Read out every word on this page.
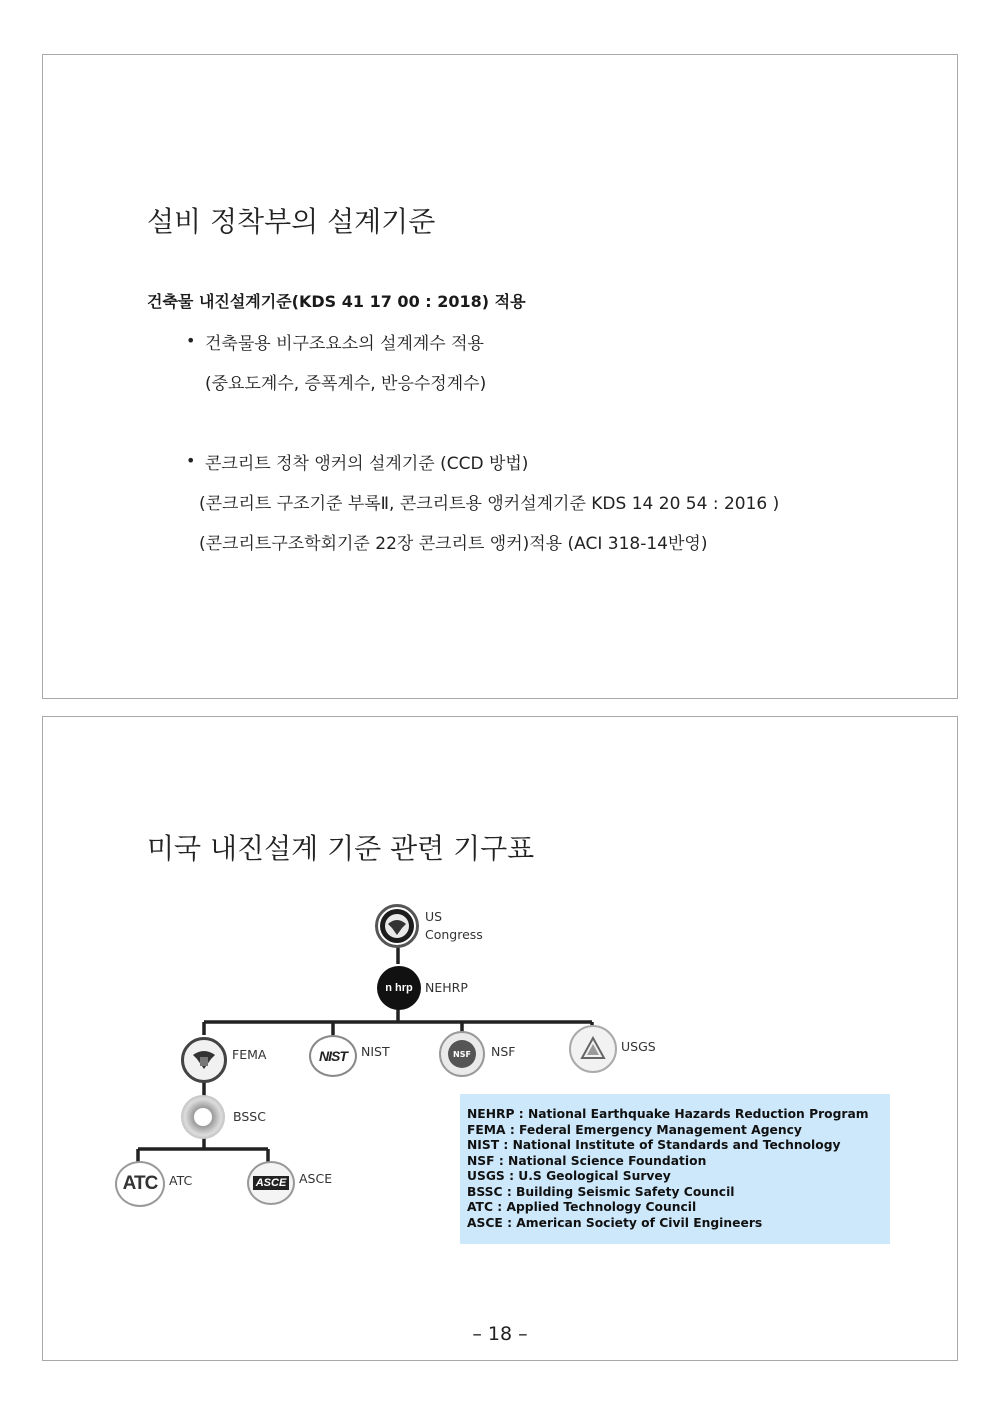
설비 정착부의 설계기준
건축물 내진설계기준(KDS 41 17 00 : 2018) 적용
• 건축물용 비구조요소의 설계계수 적용
(중요도계수, 증폭계수, 반응수정계수)
• 콘크리트 정착 앵커의 설계기준 (CCD 방법)
(콘크리트 구조기준 부록Ⅱ, 콘크리트용 앵커설계기준 KDS 14 20 54 : 2016 )
(콘크리트구조학회기준 22장 콘크리트 앵커)적용 (ACI 318-14반영)
미국 내진설계 기준 관련 기구표
US
Congress
n hrp NEHRP
FEMA	NIST NIST	NSF NSF	USGS
BSSC
ATC ATC	ASCE ASCE
NEHRP : National Earthquake Hazards Reduction Program
FEMA : Federal Emergency Management Agency
NIST : National Institute of Standards and Technology
NSF : National Science Foundation
USGS : U.S Geological Survey
BSSC : Building Seismic Safety Council
ATC : Applied Technology Council
ASCE : American Society of Civil Engineers
– 18 –
